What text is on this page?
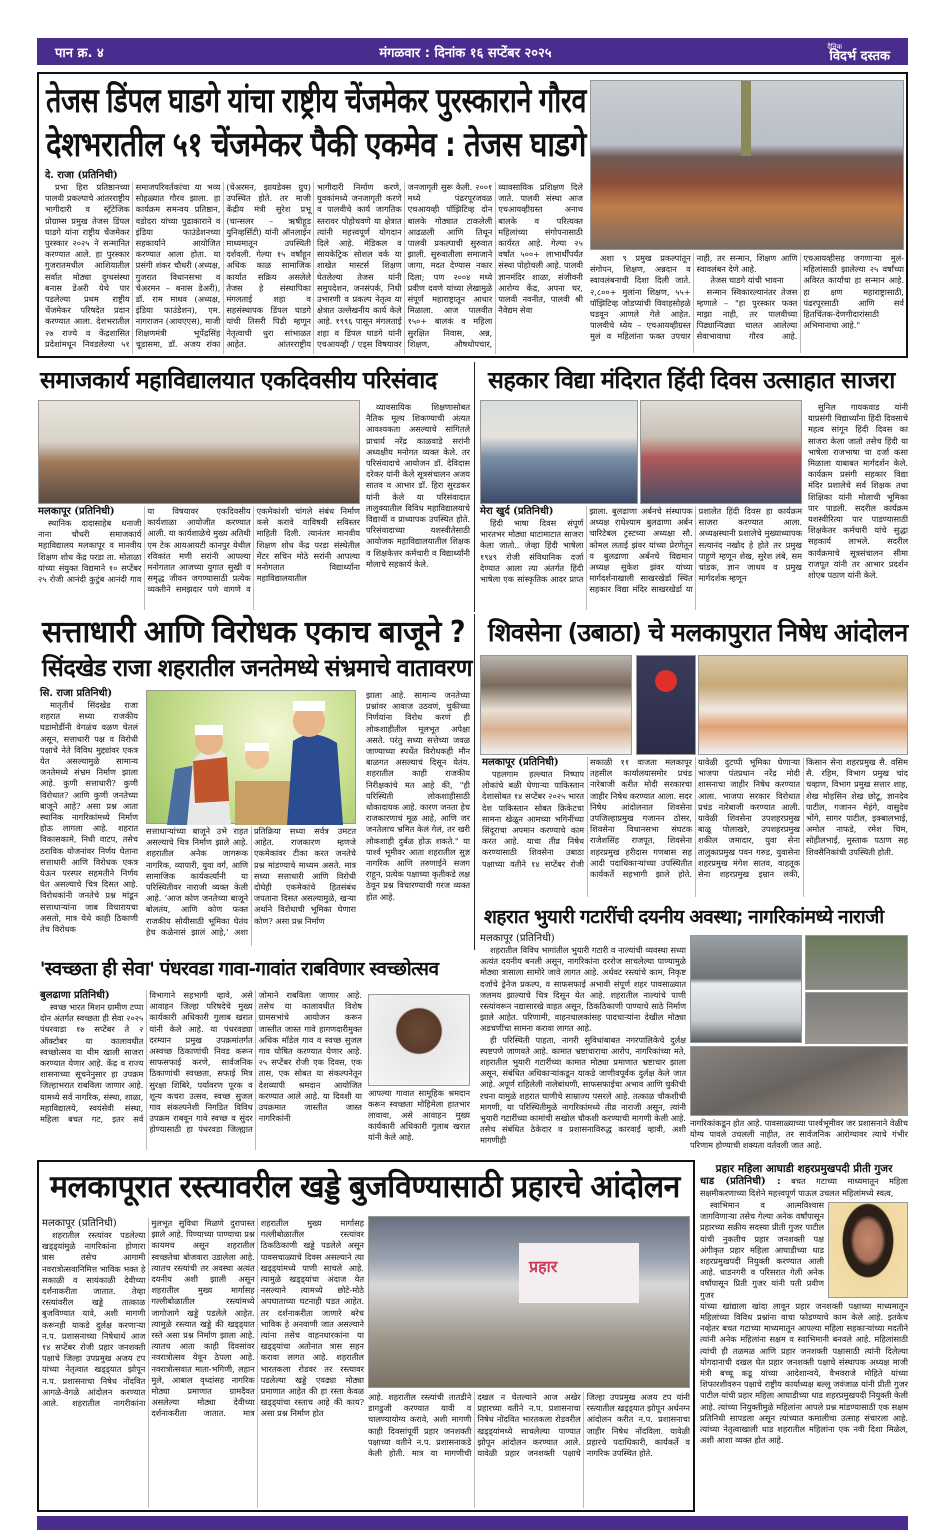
पान क्र. ४	मंगळवार : दिनांक १६ सप्टेंबर २०२५	दैनिक
विदर्भ दस्तक
तेजस डिंपल घाडगे यांचा राष्ट्रीय चेंजमेकर पुरस्काराने गौरव
देशभरातील ५१ चेंजमेकर पैकी एकमेव : तेजस घाडगे
दे. राजा (प्रतिनिधी)

प्रभा हिरा प्रतिष्ठानच्या पालवी प्रकल्पाचे आंतरराष्ट्रीय भागीदारी व स्ट्रॅटेजिक प्रोग्राम्स प्रमुख तेजस डिंपल घाडगे यांना राष्ट्रीय चेंजमेकर पुरस्कार २०२५ ने सन्मानित करण्यात आले. हा पुरस्कार गुजरातमधील आशियातील सर्वात मोठ्या दुग्धसंस्था बनास डेअरी येथे पार पडलेल्या प्रथम राष्ट्रीय चेंजमेकर परिषदेत प्रदान करण्यात आला. देशभरातील २७ राज्ये व केंद्रशासित प्रदेशांमधून निवडलेल्या ५१ समाजपरिवर्तकांचा या भव्य सोहळ्यात गौरव झाला. हा कार्यक्रम समन्वय प्रतिष्ठान, वडोदरा यांच्या पुढाकाराने व इंडिया फाउंडेशनच्या सहकार्याने आयोजित करण्यात आला होता. या प्रसंगी शंकर चौधरी (अध्यक्ष, गुजरात विधानसभा व चेअरमन – बनास डेअरी), डॉ. राम माधव (अध्यक्ष, इंडिया फाउंडेशन), एम. नागराजन (आयएएस), माजी शिक्षणमंत्री भूपेंद्रसिंह चूडासमा, डॉ. अजय रांका (चेअरमन, झायडेक्स ग्रुप) उपस्थित होते. तर माजी केंद्रीय मंत्री सुरेश प्रभू (चान्सलर – ऋषीहूड युनिव्हर्सिटी) यांनी ऑनलाईन माध्यमातून उपस्थिती दर्शवली. गेल्या १५ वर्षांहून अधिक काळ सामाजिक कार्यात सक्रिय असलेले तेजस हे संस्थापिका मंगलताई शहा व सहसंस्थापक डिंपल घाडगे यांची तिसरी पिढी म्हणून नेतृत्वाची धुरा सांभाळत आहेत. आंतरराष्ट्रीय भागीदारी निर्माण करणे, युवकांमध्ये जनजागृती करणे व पालवीचे कार्य जागतिक स्तरावर पोहोचवणे या क्षेत्रात त्यांनी महत्त्वपूर्ण योगदान दिले आहे. मेडिकल व सायकेट्रिक सोशल वर्क या शाखेत मास्टर्स शिक्षण घेतलेल्या तेजस यांनी समुपदेशन, जनसंपर्क, निधी उभारणी व प्रकल्प नेतृत्व या क्षेत्रात उल्लेखनीय कार्य केले आहे. १९९६ पासून मंगलताई शहा व डिंपल घाडगे यांनी एचआयव्ही / एड्स विषयावर जनजागृती सुरू केली. २००१ मध्ये पंढरपूरजवळ एचआयव्ही पॉझिटिव्ह दोन बालके गोठ्यात टाकलेली आढळली आणि तिथून पालवी प्रकल्पाची सुरुवात झाली. सुरुवातीला समाजाने जागा, मदत देण्यास नकार दिला; पण २००४ मध्ये प्रवीण दवणे यांच्या लेखामुळे संपूर्ण महाराष्ट्रातून आधार मिळाला. आज पालवीत १५०+ बालकं व महिला सुरक्षित निवास, अन्न, शिक्षण, औषधोपचार, व्यावसायिक प्रशिक्षण दिले जाते. पालवी संस्था आज एचआयव्हीग्रस्त अनाथ बालके व परित्यक्त महिलांच्या संगोपनासाठी कार्यरत आहे. गेल्या २५ वर्षांत ५००+ लाभार्थींपर्यंत संस्था पोहोचली आहे. पालवी ज्ञानमंदिर शाळा, संजीवनी आरोग्य केंद्र, अपना घर, पालवी नवनीत, पालवी श्री नैवेद्यम सेवा

अशा ९ प्रमुख प्रकल्पांतून संगोपन, शिक्षण, अन्नदान व स्वावलंबनाची दिशा दिली जाते. २,८००+ मुलांना शिक्षण, ५५+ पॉझिटिव्ह जोडप्यांची विवाहसोहळे घडवून आणले गेले आहेत. पालवीचे ध्येय – एचआयव्हीग्रस्त मुलं व महिलांना फक्त उपचार नाही, तर सन्मान, शिक्षण आणि स्वावलंबन देणे आहे.

तेजस घाडगे यांची भावना

सन्मान स्विकारल्यानंतर तेजस म्हणाले – "हा पुरस्कार फक्त माझा नाही, तर पालवीच्या पिढ्यान्पिढ्या चालत आलेल्या सेवाभावाचा गौरव आहे. एचआयव्हीसह जगणाऱ्या मुलं-महिलांसाठी झालेल्या २५ वर्षांच्या अविरत कार्याचा हा सन्मान आहे. हा क्षण महाराष्ट्रासाठी, पंढरपूरसाठी आणि सर्व हितचिंतक-देणगीदारांसाठी अभिमानाचा आहे."

समाजकार्य महाविद्यालयात एकदिवसीय परिसंवाद
मलकापूर (प्रतिनिधी)

स्थानिक दादासाहेब धनाजी नाना चौधरी समाजकार्य महाविद्यालय मलकापूर व मानवीय शिक्षण शोध केंद्र परडा ता. मोताळा यांच्या संयुक्त विद्यमाने १० सप्टेंबर २५ रोजी आनंदी कुटुंब आनंदी गाव या विषयावर एकदिवसीय कार्यशाळा आयोजीत करण्यात आली. या कार्यशाळेचे मुख्य अतिथी एम टेक आयआयटी कानपुर येथील रविकांत मणी सरांनी आपल्या मनोगतात आजच्या युगात सुखी व समृद्ध जीवन जगण्यासाठी प्रत्येक व्यक्तीने समझदार पणे वागणे व एकमेकांशी चांगले संबंध निर्माण कसे करावे याविषयी सविस्तर माहिती दिली. त्यानंतर मानवीय शिक्षण शोध केंद्र परडा संस्थेतील मेंटर सचिन मोठे सरांनी आपल्या मनोगतात विद्यार्थ्यांना महाविद्यालयातील

व्यावसायिक शिक्षणासोबत नैतिक मूल्य शिकण्याची अंत्यत आवश्यकता असल्याचे सांगितले प्राचार्य नरेंद्र काळवाडे सरांनी अध्यक्षीय मनोगत व्यक्त केले. तर परिसंवादाचे आयोजन डॉ. देविदास दरेकर यांनी केले सूत्रसंचालन अजय सातव व आभार डॉ. हिरा सुरडकर यांनी केले या परिसंवादात तालुक्यातील विविध महाविद्यालयाचे विद्यार्थी व प्राध्यापक उपस्थित होते. परिसंवादाच्या यशस्वीतेसाठी आयोजक महाविद्यालयातील शिक्षक व शिक्षकेत्तर कर्मचारी व विद्यार्थ्यांनी मोलाचे सहकार्य केले.

सहकार विद्या मंदिरात हिंदी दिवस उत्साहात साजरा
मेरा खुर्द (प्रतिनिधी)

हिंदी भाषा दिवस संपूर्ण भारतभर मोठ्या थाटामाटात साजरा केला जातो.. जेव्हा हिंदी भाषेला १९४९ रोजी संविधानिक दर्जा देण्यात आला त्या अंतर्गत हिंदी भाषेला एक सांस्कृतिक आदर प्राप्त झाला. बुलढाणा अर्बनचे संस्थापक अध्यक्ष राधेश्याम बुलढाणा अर्बन चारिटेबल ट्रस्टच्या अध्यक्षा सौ. कोमल लताई झंवर यांच्या प्रेरणेतून व बुलढाणा अर्बनचे विद्यमान अध्यक्ष सुकेश झंवर यांच्या मार्गदर्शनाखाली साखरखेर्डा स्थित सहकार विद्या मंदिर साखरखेर्डा या प्रशालेत हिंदी दिवस हा कार्यक्रम साजरा करण्यात आला. अध्यक्षस्थानी प्रशालेचे मुख्याध्यापक सत्यानंद नखोद हे होते तर प्रमुख पाहुणे म्हणून शेख, सुरेश लंबे, सम चांडक, ज्ञान जाधव व प्रमुख मार्गदर्शक म्हणून

सुनिल गायकवाड यांनी याप्रसंगी विद्यार्थ्यांना हिंदी दिवसाचे महत्व सांगून हिंदी दिवस का साजरा केला जातो तसेच हिंदी या भाषेला राजभाषा चा दर्जा कसा मिळाला याबाबत मार्गदर्शन केले. कार्यक्रम प्रसंगी सहकार विद्या मंदिर प्रशालेचे सर्व शिक्षक तथा शिक्षिका यांनी मोलाची भूमिका पार पाडली. सदरील कार्यक्रम यशस्वीरित्या पार पाडण्यासाठी शिक्षकेतर कर्मचारी यांचे सुद्धा सहकार्य लाभले. सदरील कार्यक्रमाचे सूत्रसंचालन सीमा राजपूत यांनी तर आभार प्रदर्शन शोएब पठाण यांनी केले.

सत्ताधारी आणि विरोधक एकाच बाजूने ?
सिंदखेड राजा शहरातील जनतेमध्ये संभ्रमाचे वातावरण
सि. राजा प्रतिनिधी)

मातृतीर्थ सिंदखेड राजा शहरात सध्या राजकीय घडामोडींनी वेगळंच वळण घेतलं असून, सत्ताधारी पक्ष व विरोधी पक्षाचे नेते विविध मुद्द्यांवर एकत्र येत असल्यामुळे सामान्य जनतेमध्ये संभ्रम निर्माण झाला आहे. कुणी सत्ताधारी? कुणी विरोधात? आणि कुणी जनतेच्या बाजूने आहे? असा प्रश्न आता स्थानिक नागरिकांमध्ये निर्माण होऊ लागला आहे. शहरात विकासकामे, निधी वाटप, तसेच ठराविक योजनांवर निर्णय घेताना सत्ताधारी आणि विरोधक एकत्र येऊन परस्पर सहमतीने निर्णय घेत असल्याचे चित्र दिसत आहे. विरोधकांनी जनतेचे प्रश्न मांडून सत्ताधाऱ्यांना जाब विचारायचा असतो, मात्र येथे काही ठिकाणी तेच विरोधक

सत्ताधाऱ्यांच्या बाजूने उभे राहत असल्याचे चित्र निर्माण झाले आहे. शहरातील अनेक जागरूक नागरिक, व्यापारी, युवा वर्ग, आणि सामाजिक कार्यकर्त्यांनी या परिस्थितीवर नाराजी व्यक्त केली आहे. ‘आज कोण जनतेच्या बाजूने बोलतंय, आणि कोण फक्त राजकीय सोयीसाठी भूमिका घेतंय हेच कळेनासं झालं आहे,’ अशा प्रतिक्रिया सध्या सर्वत्र उमटत आहेत. राजकारण म्हणजे एकमेकांवर टीका करत जनतेचे प्रश्न मांडण्याचे माध्यम असते. मात्र सध्या सत्ताधारी आणि विरोधी दोघेही एकमेकांचे हितसंबंध जपताना दिसत असल्यामुळे, खऱ्या अर्थाने विरोधाची भूमिका घेणारा कोण? असा प्रश्न निर्माण

झाला आहे. सामान्य जनतेच्या प्रश्नांवर आवाज उठवणं, चुकीच्या निर्णयांना विरोध करणं ही लोकशाहीतील मूलभूत अपेक्षा असते. परंतु सध्या सत्तेच्या जवळ जाण्याच्या स्पर्धेत विरोधकही मौन बाळगत असल्याचं दिसून येतंय. शहरातील काही राजकीय निरीक्षकांचे मत आहे की, "ही परिस्थिती लोकशाहीसाठी धोकादायक आहे. कारण जनता हेच राजकारणाचं मूळ आहे, आणि जर जनतेलाच भ्रमित केलं गेलं, तर खरी लोकशाही दुर्बळ होऊ शकते." या पार्श्व भूमीवर आता शहरातील सुज्ञ नागरिक आणि तरुणाईने सजग राहून, प्रत्येक पक्षाच्या कृतीकडे लक्ष ठेवून प्रश्न विचारण्याची गरज व्यक्त होत आहे.

शिवसेना (उबाठा) चे मलकापुरात निषेध आंदोलन
मलकापूर (प्रतिनिधी)

पहलगाम हल्ल्यात निष्पाप लोकांचे बळी घेणाऱ्या पाकिस्तान देशासोबत १४ सप्टेंबर २०२५ भारत देश पाकिस्तान सोबत क्रिकेटचा सामना खेळून आमच्या भगिनींच्या सिंदूराचा अपमान करण्याचे काम करत आहे. याचा तीव्र निषेध करण्यासाठी शिवसेना उबाठा पक्षाच्या वतीने १४ सप्टेंबर रोजी सकाळी ११ वाजता मलकापूर तहसील कार्यालयासमोर प्रचंड नारेबाजी करीत मोदी सरकारचा जाहीर निषेध करण्यात आला. सदर निषेध आंदोलनात शिवसेना उपजिल्हाप्रमुख गजानन ठोसर, शिवसेना विधानसभा संघटक राजेशसिंह राजपूत, शिवसेना शहरप्रमुख हरीदास गणबास सह आदी पदाधिकाऱ्यांच्या उपस्थितीत कार्यकर्ते सहभागी झाले होते. यावेळी दुटप्पी भूमिका घेणाऱ्या भाजपा पंतप्रधान नरेंद्र मोदी शासनाचा जाहीर निषेध करण्यात आला. भाजपा सरकार विरोधात प्रचंड नारेबाजी करण्यात आली. यावेळी शिवसेना उपशहरप्रमुख बाळू पोलाखरे, उपशहरप्रमुख शकील जमादार, युवा सेना तालुकाप्रमुख पवन गरुड, युवासेना शहरप्रमुख मंगेश सातव, वाहतूक सेना शहरप्रमुख इम्रान लकी, किसान सेना शहरप्रमुख सै. वसिम सै. रहिम, विभाग प्रमुख चांद चव्हाण, विभाग प्रमुख सत्तार शाह, शेख मोहसिन शेख छोटू, ज्ञानदेव पाटील, गजानन मेहंगे, वासुदेव भोंगे, सागर पाटील, इक्बालभाई, अमोल नाफडे, रमेश चिम, सोहीलभाई, मुस्ताक पठाण सह शिवसैनिकांची उपस्थिती होती.

'स्वच्छता ही सेवा' पंधरवडा गावा-गावांत राबविणार स्वच्छोत्सव
बुलढाणा प्रतिनिधी)

स्वच्छ भारत मिशन ग्रामीण टप्पा दोन अंतर्गत स्वच्छता ही सेवा २०२५ पंधरवाडा १७ सप्टेंबर ते २ ऑक्टोबर या कालावधीत स्वच्छोत्सव या थीम खाली साजरा करण्यात येणार आहे. केंद्र व राज्य शासनाच्या सूचनेनुसार हा उपक्रम जिल्हाभरात राबविला जाणार आहे. यामध्ये सर्व नागरिक, संस्था, शाळा, महाविद्यालये, स्वयंसेवी संस्था, महिला बचत गट, इतर सर्व विभागाने सहभागी व्हावे, असे आवाहन जिल्हा परिषदेचे मुख्य कार्यकारी अधिकारी गुलाब खरात यांनी केले आहे. या पंधरवड्या दरम्यान प्रमुख उपक्रमांतर्गत अस्वच्छ ठिकाणांची निवड करून साफसफाई करणे, सार्वजनिक ठिकाणांची स्वच्छता, सफाई मित्र सुरक्षा शिबिरे, पर्यावरण पूरक व शून्य कचरा उत्सव, स्वच्छ सुजल गाव संकल्पनेशी निगडित विविध उपक्रम राबवून गावे स्वच्छ व सुंदर होण्यासाठी हा पंधरवडा जिल्ह्यात जोमाने राबविला जाणार आहे. तसेच या कालावधीत विशेष ग्रामसभांचे आयोजन करून जास्तीत जास्त गावे हागणदारीमुक्त अधिक मॉडेल गाव व स्वच्छ सुजल गाव घोषित करण्यात येणार आहे. २५ सप्टेंबर रोजी एक दिवस, एक तास, एक सोबत या संकल्पनेतून देशव्यापी श्रमदान आयोजित करण्यात आले आहे. या दिवशी या उपक्रमात जास्तीत जास्त नागरिकांनी

आपल्या गावात सामूहिक श्रमदान करून स्वच्छता मोहिमेला हातभार लावावा, असे आवाहन मुख्य कार्यकारी अधिकारी गुलाब खरात यांनी केले आहे.
शहरात भुयारी गटारींची दयनीय अवस्था; नागरिकांमध्ये नाराजी
मलकापूर (प्रतिनिधी)

शहरातील विविध भागांतील भुयारी गटारी व नाल्यांची व्यवस्था सध्या अत्यंत दयनीय बनली असून, नागरिकांना दररोज साचलेल्या पाण्यामुळे मोठ्या त्रासाला सामोरे जावे लागत आहे. अर्धवट रस्त्यांचे काम, निकृष्ट दर्जाचे ड्रेनेज प्रकल्प, व साफसफाई अभावी संपूर्ण शहर पावसाळ्यात जलमय झाल्याचे चित्र दिसून येत आहे. शहरातील नाल्यांचे पाणी रस्त्यांवरून नद्यासारखे वाहत असून, ठिकठिकाणी पाण्याचे साठे निर्माण झाले आहेत. परिणामी, वाहनचालकांसह पादचाऱ्यांना देखील मोठ्या अडचणींचा सामना करावा लागत आहे.

ही परिस्थिती पाहता, नागरी सुविधांबाबत नगरपालिकेचे दुर्लक्ष स्पष्टपणे जाणवते आहे. कामात भ्रष्टाचाराचा आरोप, नागरिकांच्या मते, शहरातील भुयारी गटारींच्या कामात मोठ्या प्रमाणात भ्रष्टाचार झाला असून, संबंधित अधिकाऱ्यांकडून याकडे जाणीवपूर्वक दुर्लक्ष केले जात आहे. अपूर्ण राहिलेली नालेबांधणी, साफसफाईचा अभाव आणि चुकीची रचना यामुळे शहरात घाणीचे साम्राज्य पसरले आहे. तत्काळ चौकशीची मागणी, या परिस्थितीमुळे नागरिकांमध्ये तीव्र नाराजी असून, त्यांनी भुयारी गटारींच्या कामांची सखोल चौकशी करण्याची मागणी केली आहे. तसेच संबंधित ठेकेदार व प्रशासनाविरुद्ध कारवाई व्हावी, अशी मागणीही

नागरिकांकडून होत आहे. पावसाळ्याच्या पार्श्वभूमीवर जर प्रशासनाने वेळीच योग्य पावले उचलली नाहीत, तर सार्वजनिक आरोग्यावर त्याचे गंभीर परिणाम होण्याची शक्यता वर्तवली जात आहे.
मलकापूरात रस्त्यावरील खड्डे बुजविण्यासाठी प्रहारचे आंदोलन
मलकापूर (प्रतिनिधी)

शहरातील रस्त्यांवर पडलेल्या खड्ड्यांमुळे नागरिकांना होणारा त्रास तसेच आगामी नवरात्रोत्सवानिमित्त भाविक भक्त हे सकाळी व सायंकाळी देवीच्या दर्शनाकरीता जातात. तेव्हा रस्त्यांवरील खड्डे तात्काळ बुजविण्यात यावे, अशी मागणी करूनही याकडे दुर्लक्ष करणाऱ्या न.प. प्रशासनाच्या निषेधार्थ आज १४ सप्टेंबर रोजी प्रहार जनशक्ती पक्षाचे जिल्हा उपप्रमुख अजय टप यांच्या नेतृत्वात खड्ड्यात झोपून न.प. प्रशासनाचा निषेध नोंदवित आगळे-वेगळे आंदोलन करण्यात आले. शहरातील नागरीकांना मुलभूत सुविधा मिळणे दुरापास्त झाले आहे. पिण्याच्या पाण्याचा प्रश्न कायमच असून शहरातील स्वच्छतेचा बोजवारा उडालेला आहे. त्यातच रस्त्यांची तर अवस्था अत्यंत दयनीय अशी झाली असून शहरातील मुख्य मार्गासह गल्लीबोळातील रस्त्यांमध्ये जागोजागे खड्डे पडलेले आहेत. त्यामुळे रस्त्यात खड्डे की खड्ड्यात रस्ते असा प्रश्न निर्माण झाला आहे. त्यातच आता काही दिवसांवर नवरात्रोत्सव येवून ठेपला आहे. नवरात्रोत्सवात माता-भगिणी, लहान मुले, आबाल वृध्दांसह नागरिक मोठ्या प्रमाणात ग्रामदैवत असलेल्या मोठ्या देवीच्या दर्शनाकरीता जातात. मात्र शहरातील मुख्य मार्गासह गल्लीबोळातील रस्त्यांवर ठिकठिकाणी खड्डे पडलेले असून पावसचाळ्याचे दिवस असल्याने त्या खड्ड्यांमध्ये पाणी साचले आहे. त्यामुळे खड्ड्यांचा अंदाज येत नसल्याने त्यामध्ये छोटे-मोठे अपघाताच्या घटनाही घडत आहेत. तर दर्शनाकरीता जाणारे बरेच भाविक हे अनवाणी जात असल्याने त्यांना तसेच वाहनधारकांना या खड्ड्यांचा अतोनात त्रास सहन करावा लागत आहे. शहरातील भारतकला रोडवर तर रस्त्यावर पडलेल्या खड्डे एवढ्या मोठ्या प्रमाणात आहेत की हा रस्ता केवळ खड्ड्यांचा रस्ताच आहे की काय? असा प्रश्न निर्माण होत

प्रहार

आहे. शहरातील रस्त्यांची तातडीने डागडुजी करण्यात यावी व चालण्यायोग्य करावे, अशी मागणी काही दिवसांपूर्वी प्रहार जनशक्ती पक्षाच्या वतीने न.प. प्रशासनाकडे केली होती. मात्र या मागणीची दखल न घेतल्याने आज अखेर प्रहारच्या वतीने न.प. प्रशासनाचा निषेध नोंदवित भारतकला रोडवरील खड्ड्यांमध्ये साचलेल्या पाण्यात झोपून आंदोलन करण्यात आले. यावेळी प्रहार जनशक्ती पक्षाचे जिल्हा उपप्रमुख अजय टप यांनी रस्त्यातील खड्ड्यात झोपून अर्धनग्न आंदोलन करीत न.प. प्रशासनाचा जाहीर निषेध नोंदविला. यावेळी प्रहारचे पदाधिकारी, कार्यकर्ते व नागरिक उपस्थित होते.

प्रहार महिला आघाडी शहरप्रमुखपदी प्रीती गुजर
धाड (प्रतिनिधी) : बचत गटाच्या माध्यमातून महिला सक्षमीकरणाच्या दिशेने महत्त्वपूर्ण पाऊल उचलत महिलांमध्ये स्वत्व,

स्वाभिमान व आत्मविश्वास जागविणाऱ्या तसेच गेल्या अनेक वर्षांपासून प्रहारच्या सक्रीय सदस्या प्रीती गुजर पाटील यांची नुकतीच प्रहार जनशक्ती पक्ष अंगीकृत प्रहार महिला आघाडीच्या धाड शहरप्रमुखपदी नियुक्ती करण्यात आली आहे. धाडनगरी व परिसरात गेली अनेक वर्षांपासून प्रिती गुजर यांनी पती प्रवीण गुजर

यांच्या खांद्याला खांदा लावून प्रहार जनशक्ती पक्षाच्या माध्यमातून महिलांच्या विविध प्रश्नांना वाचा फोडण्याचे काम केले आहे. इतकेच नव्हेतर बचत गटाच्या माध्यमातून आपल्या महिला सहकाऱ्यांच्या मदतीने त्यांनी अनेक महिलांना सक्षम व स्वाभिमानी बनवले आहे. महिलांसाठी त्यांची ही तळमळ आणि प्रहार जनशक्ती पक्षासाठी त्यांनी दिलेल्या योगदानाची दखल घेत प्रहार जनशक्ती पक्षाचे संस्थापक अध्यक्ष माजी मंत्री बच्चू कडू यांच्या आदेशान्वये, वैभवराजे मोहिते यांच्या शिफारशीवरुन पक्षाचे राष्ट्रीय कार्याध्यक्ष बल्लू जवंजाळ यांनी प्रीती गुजर पाटील यांची प्रहार महिला आघाडीच्या धाड शहरप्रमुखपदी नियुक्ती केली आहे. त्यांच्या नियुक्तीमुळे महिलांना आपले प्रश्न मांडण्यासाठी एक सक्षम प्रतिनिधी सापडला असून त्यांच्यात कमालीचा उत्साह संचारला आहे. त्यांच्या नेतृत्वाखाली धाड शहरातील महिलांना एक नवी दिशा मिळेल, अशी आशा व्यक्त होत आहे.
